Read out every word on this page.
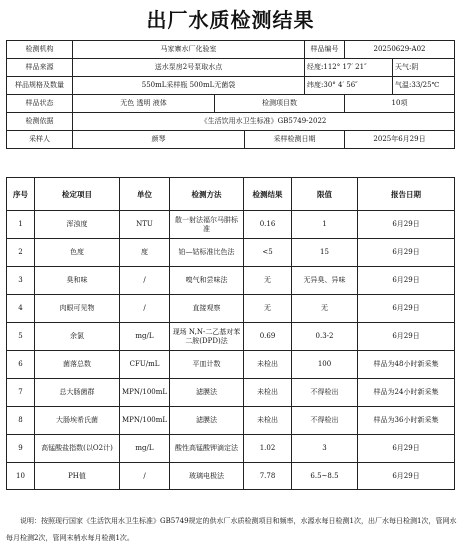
出厂水质检测结果
检测机构	马家寨水厂化验室			样品编号	20250629-A02	
样品来源	送水泵房2号泵取水点			经度:112° 17′ 21″		天气:阴
样品规格及数量	550mL采样瓶 500mL无菌袋			纬度:30° 4′ 56″		气温:33/25℃
样品状态	无色 透明 液体	检测项目数			10项	
检测依据	《生活饮用水卫生标准》GB5749-2022					
采样人	颜琴		采样检测日期		2025年6月29日	
序号	检定项目	单位	检测方法	检测结果	限值	报告日期
1	浑浊度	NTU	散一射法福尔马肼标准	0.16	1	6月29日
2	色度	度	铂—钴标准比色法	<5	15	6月29日
3	臭和味	/	嗅气和尝味法	无	无异臭、异味	6月29日
4	肉眼可见物	/	直接观察	无	无	6月29日
5	余氯	mg/L	现场 N,N-二乙基对苯二胺(DPD)法	0.69	0.3-2	6月29日
6	菌落总数	CFU/mL	平皿计数	未检出	100	样品为48小时新采集
7	总大肠菌群	MPN/100mL	滤膜法	未检出	不得检出	样品为24小时新采集
8	大肠埃希氏菌	MPN/100mL	滤膜法	未检出	不得检出	样品为36小时新采集
9	高锰酸盐指数(以O2计)	mg/L	酸性高锰酸钾滴定法	1.02	3	6月29日
10	PH值	/	玻璃电极法	7.78	6.5~8.5	6月29日
说明：按照现行国家《生活饮用水卫生标准》GB5749规定的供水厂水质检测项目和频率，水源水每日检测1次，出厂水每日检测1次，管网水每月检测2次，管网末梢水每月检测1次。
